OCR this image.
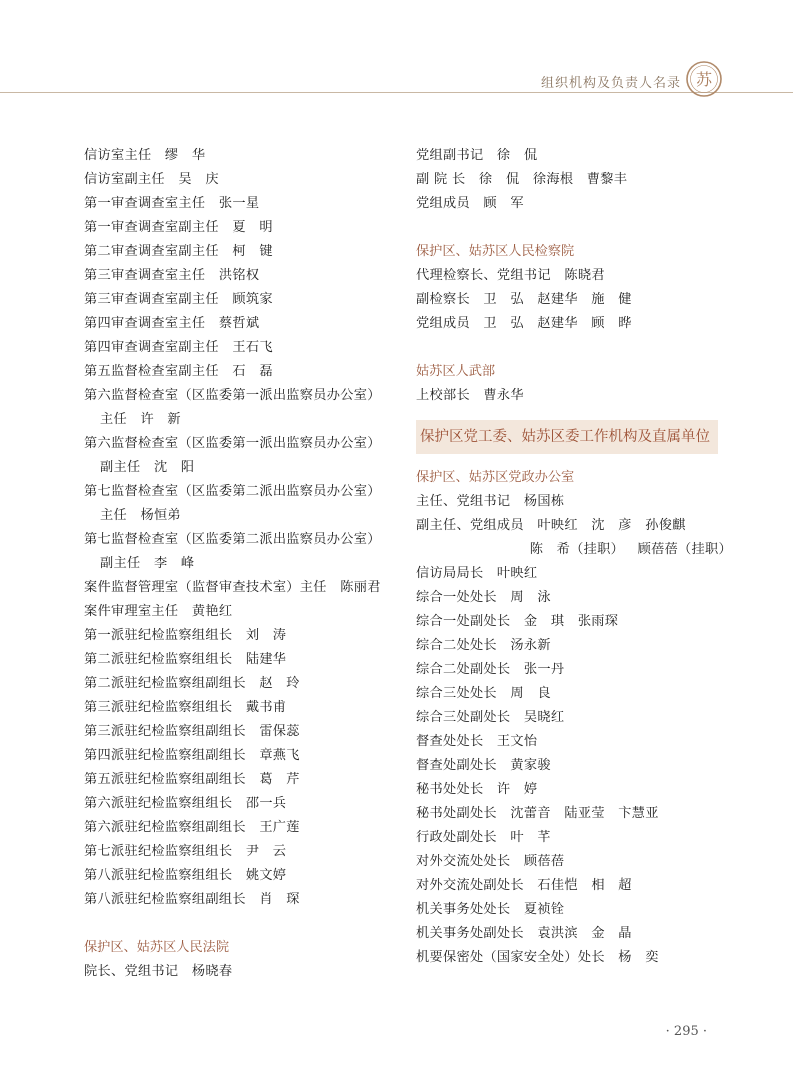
组织机构及负责人名录 苏
信访室主任   缪   华
信访室副主任   吴   庆
第一审查调查室主任   张一星
第一审查调查室副主任   夏   明
第二审查调查室副主任   柯   键
第三审查调查室主任   洪铭权
第三审查调查室副主任   顾筑家
第四审查调查室主任   蔡哲斌
第四审查调查室副主任   王石飞
第五监督检查室副主任   石   磊
第六监督检查室（区监委第一派出监察员办公室）
主任   许   新
第六监督检查室（区监委第一派出监察员办公室）
副主任   沈   阳
第七监督检查室（区监委第二派出监察员办公室）
主任   杨恒弟
第七监督检查室（区监委第二派出监察员办公室）
副主任   李   峰
案件监督管理室（监督审查技术室）主任   陈丽君
案件审理室主任   黄艳红
第一派驻纪检监察组组长   刘   涛
第二派驻纪检监察组组长   陆建华
第二派驻纪检监察组副组长   赵   玲
第三派驻纪检监察组组长   戴书甫
第三派驻纪检监察组副组长   雷保蕊
第四派驻纪检监察组副组长   章燕飞
第五派驻纪检监察组副组长   葛   芹
第六派驻纪检监察组组长   邵一兵
第六派驻纪检监察组副组长   王广莲
第七派驻纪检监察组组长   尹   云
第八派驻纪检监察组组长   姚文婷
第八派驻纪检监察组副组长   肖   琛
保护区、姑苏区人民法院
院长、党组书记   杨晓春
党组副书记   徐   侃
副 院 长   徐   侃   徐海根   曹黎丰
党组成员   顾   军
保护区、姑苏区人民检察院
代理检察长、党组书记   陈晓君
副检察长   卫   弘   赵建华   施   健
党组成员   卫   弘   赵建华   顾   晔
姑苏区人武部
上校部长   曹永华
保护区党工委、姑苏区委工作机构及直属单位
保护区、姑苏区党政办公室
主任、党组书记   杨国栋
副主任、党组成员   叶映红   沈   彦   孙俊麒
陈   希（挂职）   顾蓓蓓（挂职）
信访局局长   叶映红
综合一处处长   周   泳
综合一处副处长   金   琪   张雨琛
综合二处处长   汤永新
综合二处副处长   张一丹
综合三处处长   周   良
综合三处副处长   吴晓红
督查处处长   王文怡
督查处副处长   黄家骏
秘书处处长   许   婷
秘书处副处长   沈蕾音   陆亚莹   卞慧亚
行政处副处长   叶   芊
对外交流处处长   顾蓓蓓
对外交流处副处长   石佳恺   相   超
机关事务处处长   夏祯铨
机关事务处副处长   袁洪滨   金   晶
机要保密处（国家安全处）处长   杨   奕
· 295 ·
